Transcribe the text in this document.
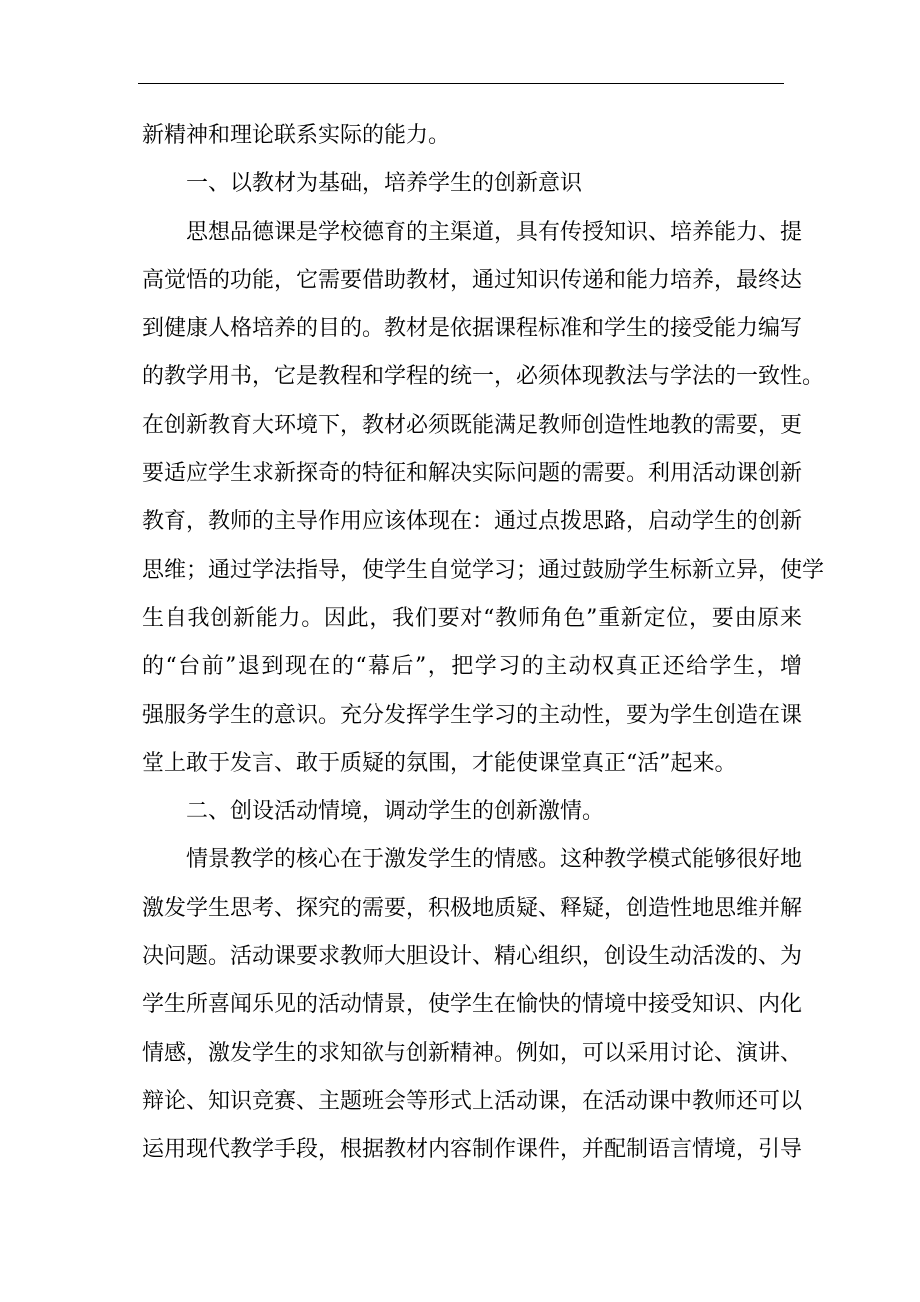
新精神和理论联系实际的能力。
一、以教材为基础，培养学生的创新意识
思想品德课是学校德育的主渠道，具有传授知识、培养能力、提
高觉悟的功能，它需要借助教材，通过知识传递和能力培养，最终达
到健康人格培养的目的。教材是依据课程标准和学生的接受能力编写
的教学用书，它是教程和学程的统一，必须体现教法与学法的一致性。
在创新教育大环境下，教材必须既能满足教师创造性地教的需要，更
要适应学生求新探奇的特征和解决实际问题的需要。利用活动课创新
教育，教师的主导作用应该体现在：通过点拨思路，启动学生的创新
思维；通过学法指导，使学生自觉学习；通过鼓励学生标新立异，使学
生自我创新能力。因此，我们要对“教师角色”重新定位，要由原来
的“台前”退到现在的“幕后”，把学习的主动权真正还给学生，增
强服务学生的意识。充分发挥学生学习的主动性，要为学生创造在课
堂上敢于发言、敢于质疑的氛围，才能使课堂真正“活”起来。
二、创设活动情境，调动学生的创新激情。
情景教学的核心在于激发学生的情感。这种教学模式能够很好地
激发学生思考、探究的需要，积极地质疑、释疑，创造性地思维并解
决问题。活动课要求教师大胆设计、精心组织，创设生动活泼的、为
学生所喜闻乐见的活动情景，使学生在愉快的情境中接受知识、内化
情感，激发学生的求知欲与创新精神。例如，可以采用讨论、演讲、
辩论、知识竞赛、主题班会等形式上活动课，在活动课中教师还可以
运用现代教学手段，根据教材内容制作课件，并配制语言情境，引导
